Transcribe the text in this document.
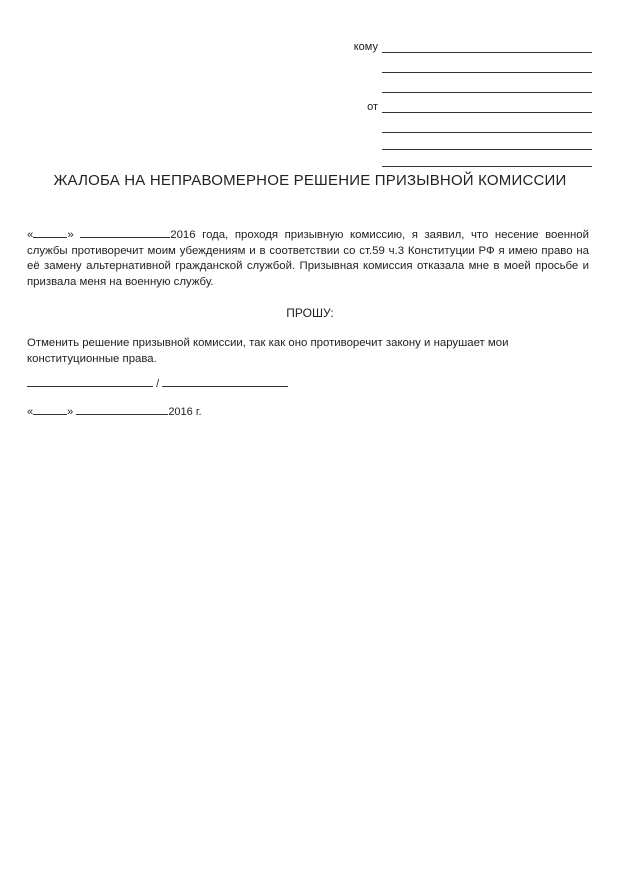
кому
от
ЖАЛОБА НА НЕПРАВОМЕРНОЕ РЕШЕНИЕ ПРИЗЫВНОЙ КОМИССИИ
«	»	2016 года, проходя призывную комиссию, я заявил, что несение военной службы противоречит моим убеждениям и в соответствии со ст.59 ч.3 Конституции РФ я имею право на её замену альтернативной гражданской службой. Призывная комиссия отказала мне в моей просьбе и призвала меня на военную службу.
ПРОШУ:
Отменить решение призывной комиссии, так как оно противоречит закону и нарушает мои конституционные права.
/
«	»	2016 г.
